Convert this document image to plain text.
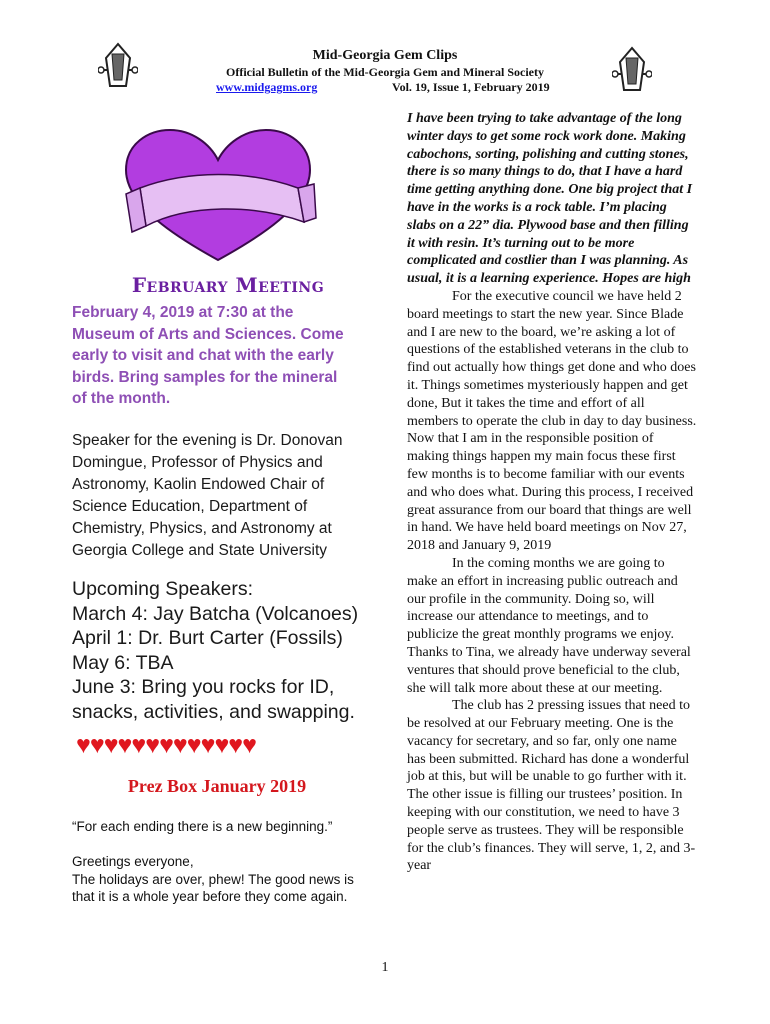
Mid-Georgia Gem Clips
Official Bulletin of the Mid-Georgia Gem and Mineral Society
www.midgagms.org	Vol. 19, Issue 1, February 2019
February Meeting
February 4, 2019 at 7:30 at the Museum of Arts and Sciences. Come early to visit and chat with the early birds. Bring samples for the mineral of the month.
Speaker for the evening is Dr. Donovan Domingue, Professor of Physics and Astronomy, Kaolin Endowed Chair of Science Education, Department of Chemistry, Physics, and Astronomy at Georgia College and State University
Upcoming Speakers:
March 4: Jay Batcha (Volcanoes)
April 1: Dr. Burt Carter (Fossils)
May 6: TBA
June 3: Bring you rocks for ID, snacks, activities, and swapping.
♥♥♥♥♥♥♥♥♥♥♥♥♥
Prez Box January 2019
“For each ending there is a new beginning.”
Greetings everyone,
The holidays are over, phew! The good news is that it is a whole year before they come again.

I have been trying to take advantage of the long winter days to get some rock work done. Making cabochons, sorting, polishing and cutting stones, there is so many things to do, that I have a hard time getting anything done. One big project that I have in the works is a rock table. I’m placing slabs on a 22” dia. Plywood base and then filling it with resin. It’s turning out to be more complicated and costlier than I was planning. As usual, it is a learning experience. Hopes are high

For the executive council we have held 2 board meetings to start the new year. Since Blade and I are new to the board, we’re asking a lot of questions of the established veterans in the club to find out actually how things get done and who does it. Things sometimes mysteriously happen and get done, But it takes the time and effort of all members to operate the club in day to day business. Now that I am in the responsible position of making things happen my main focus these first few months is to become familiar with our events and who does what. During this process, I received great assurance from our board that things are well in hand. We have held board meetings on Nov 27, 2018 and January 9, 2019

In the coming months we are going to make an effort in increasing public outreach and our profile in the community. Doing so, will increase our attendance to meetings, and to publicize the great monthly programs we enjoy. Thanks to Tina, we already have underway several ventures that should prove beneficial to the club, she will talk more about these at our meeting.

The club has 2 pressing issues that need to be resolved at our February meeting. One is the vacancy for secretary, and so far, only one name has been submitted. Richard has done a wonderful job at this, but will be unable to go further with it. The other issue is filling our trustees’ position. In keeping with our constitution, we need to have 3 people serve as trustees. They will be responsible for the club’s finances. They will serve, 1, 2, and 3-year

1
